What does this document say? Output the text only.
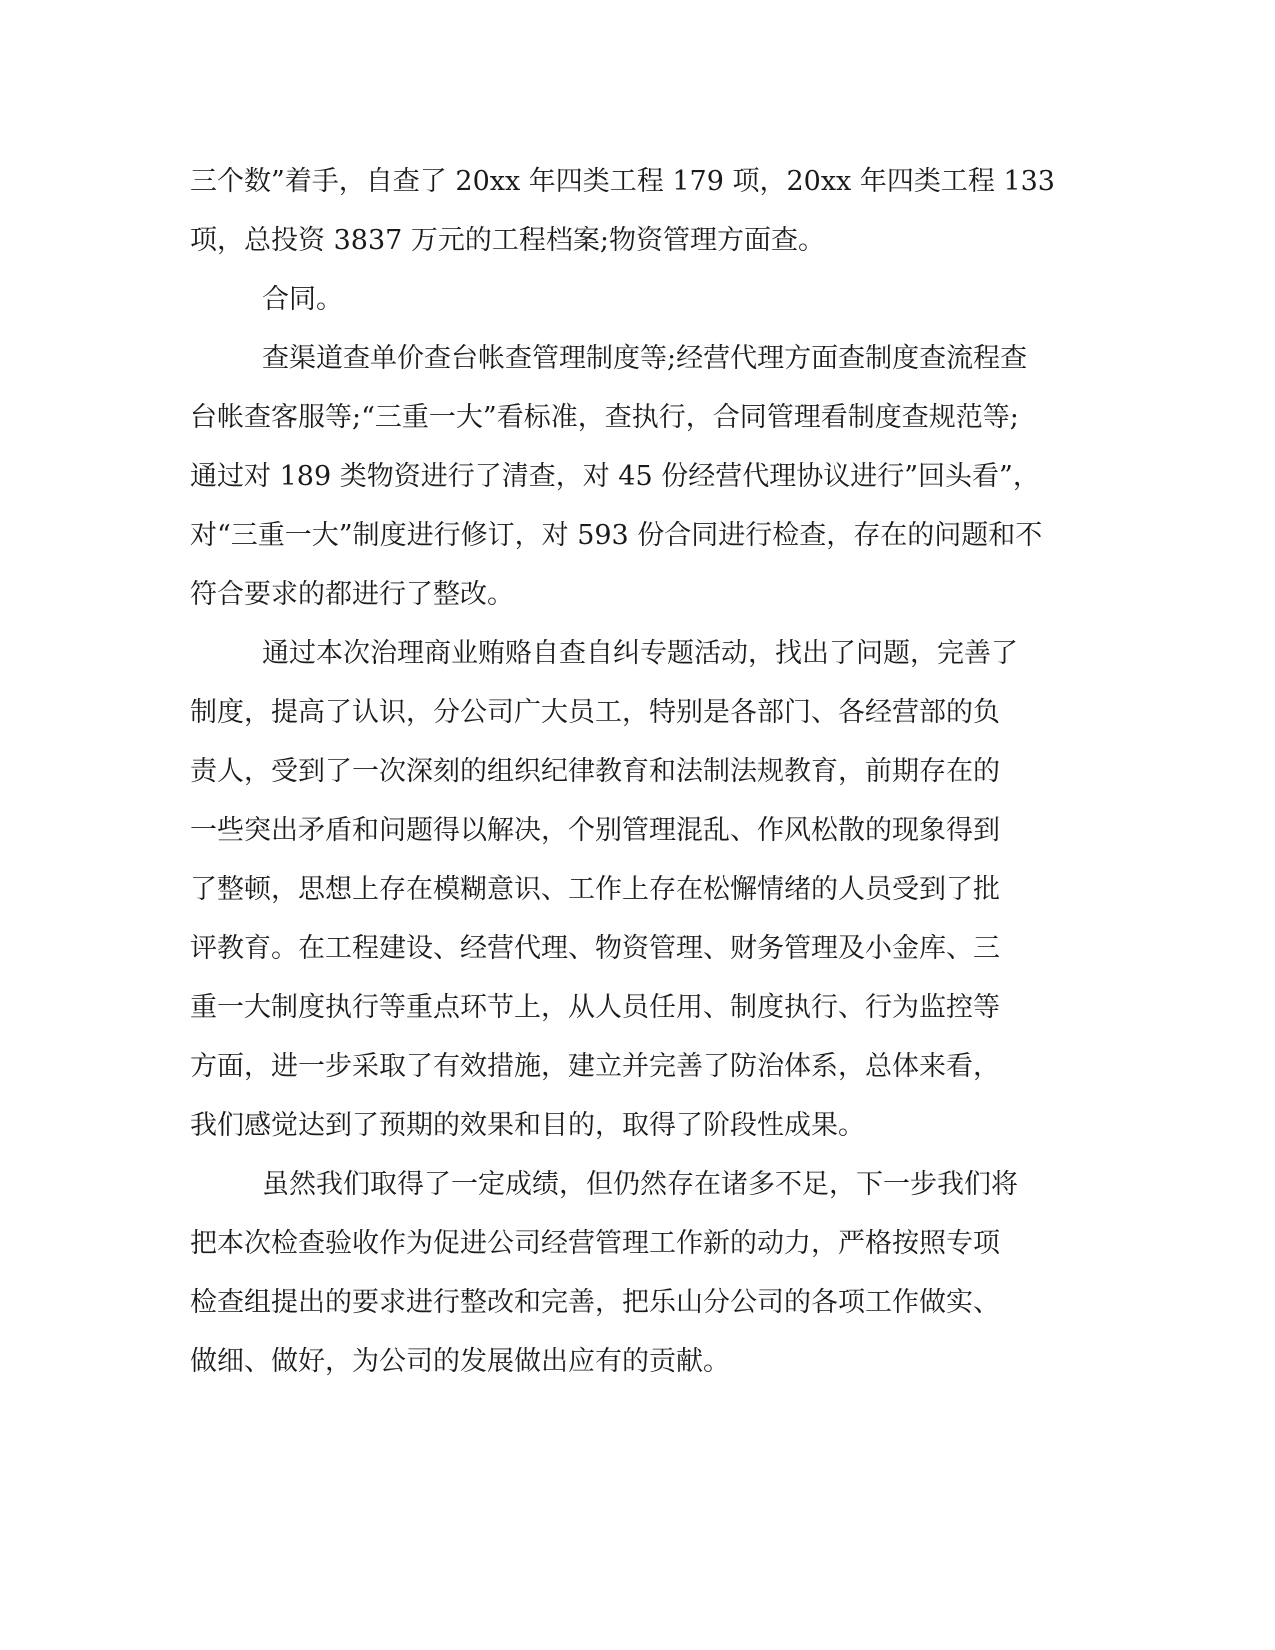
三个数”着手，自查了 20xx 年四类工程 179 项，20xx 年四类工程 133
项，总投资 3837 万元的工程档案;物资管理方面查。
合同。
查渠道查单价查台帐查管理制度等;经营代理方面查制度查流程查
台帐查客服等;“三重一大”看标准，查执行，合同管理看制度查规范等;
通过对 189 类物资进行了清查，对 45 份经营代理协议进行”回头看”，
对“三重一大”制度进行修订，对 593 份合同进行检查，存在的问题和不
符合要求的都进行了整改。
通过本次治理商业贿赂自查自纠专题活动，找出了问题，完善了
制度，提高了认识，分公司广大员工，特别是各部门、各经营部的负
责人，受到了一次深刻的组织纪律教育和法制法规教育，前期存在的
一些突出矛盾和问题得以解决，个别管理混乱、作风松散的现象得到
了整顿，思想上存在模糊意识、工作上存在松懈情绪的人员受到了批
评教育。在工程建设、经营代理、物资管理、财务管理及小金库、三
重一大制度执行等重点环节上，从人员任用、制度执行、行为监控等
方面，进一步采取了有效措施，建立并完善了防治体系，总体来看，
我们感觉达到了预期的效果和目的，取得了阶段性成果。
虽然我们取得了一定成绩，但仍然存在诸多不足，下一步我们将
把本次检查验收作为促进公司经营管理工作新的动力，严格按照专项
检查组提出的要求进行整改和完善，把乐山分公司的各项工作做实、
做细、做好，为公司的发展做出应有的贡献。
